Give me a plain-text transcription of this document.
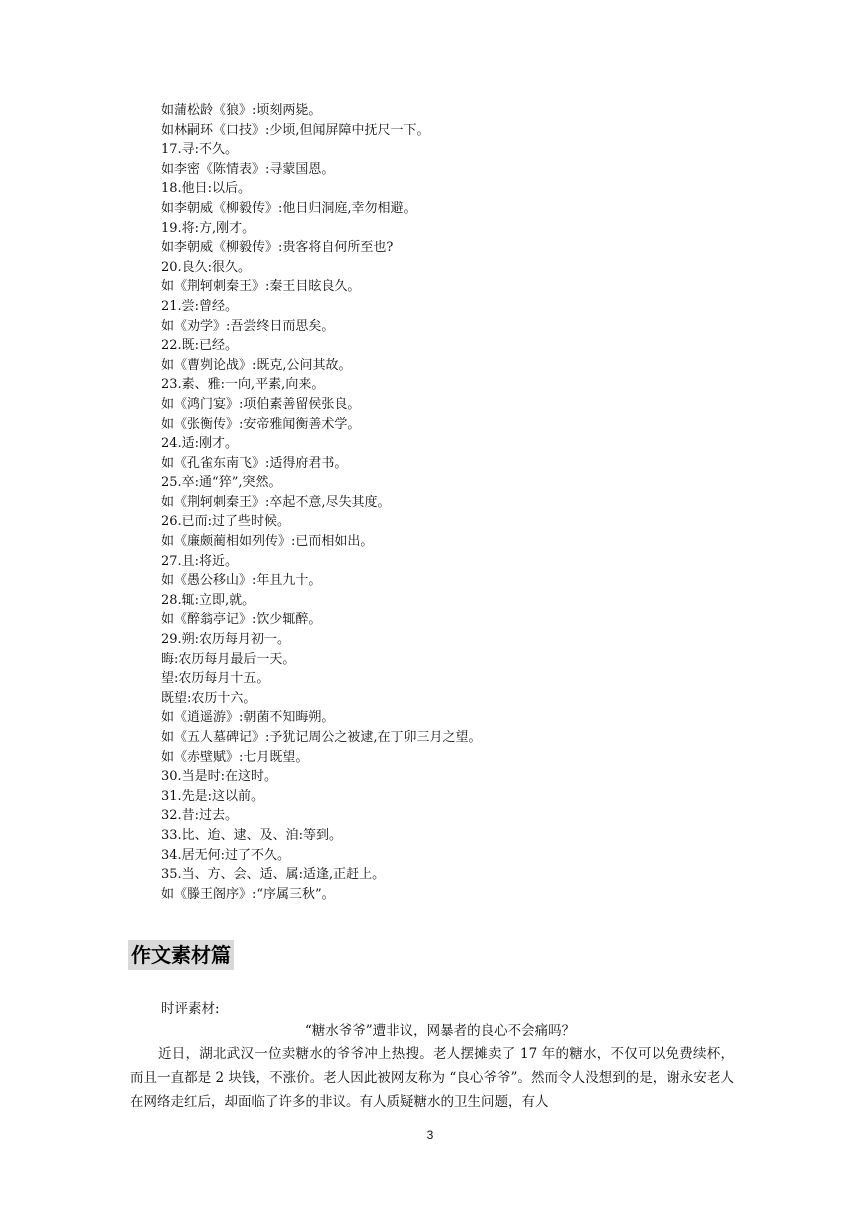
如蒲松龄《狼》:顷刻两毙。
如林嗣环《口技》:少顷,但闻屏障中抚尺一下。
17.寻:不久。
如李密《陈情表》:寻蒙国恩。
18.他日:以后。
如李朝威《柳毅传》:他日归洞庭,幸勿相避。
19.将:方,刚才。
如李朝威《柳毅传》:贵客将自何所至也?
20.良久:很久。
如《荆轲刺秦王》:秦王目眩良久。
21.尝:曾经。
如《劝学》:吾尝终日而思矣。
22.既:已经。
如《曹刿论战》:既克,公问其故。
23.素、雅:一向,平素,向来。
如《鸿门宴》:项伯素善留侯张良。
如《张衡传》:安帝雅闻衡善术学。
24.适:刚才。
如《孔雀东南飞》:适得府君书。
25.卒:通“猝”,突然。
如《荆轲刺秦王》:卒起不意,尽失其度。
26.已而:过了些时候。
如《廉颇蔺相如列传》:已而相如出。
27.且:将近。
如《愚公移山》:年且九十。
28.辄:立即,就。
如《醉翁亭记》:饮少辄醉。
29.朔:农历每月初一。
晦:农历每月最后一天。
望:农历每月十五。
既望:农历十六。
如《逍遥游》:朝菌不知晦朔。
如《五人墓碑记》:予犹记周公之被逮,在丁卯三月之望。
如《赤壁赋》:七月既望。
30.当是时:在这时。
31.先是:这以前。
32.昔:过去。
33.比、迨、逮、及、洎:等到。
34.居无何:过了不久。
35.当、方、会、适、属:适逢,正赶上。
如《滕王阁序》:“序属三秋”。
作文素材篇
时评素材:
“糖水爷爷”遭非议，网暴者的良心不会痛吗？

近日，湖北武汉一位卖糖水的爷爷冲上热搜。老人摆摊卖了 17 年的糖水，不仅可以免费续杯，而且一直都是 2 块钱，不涨价。老人因此被网友称为 “良心爷爷”。然而令人没想到的是，谢永安老人在网络走红后，却面临了许多的非议。有人质疑糖水的卫生问题，有人

3
